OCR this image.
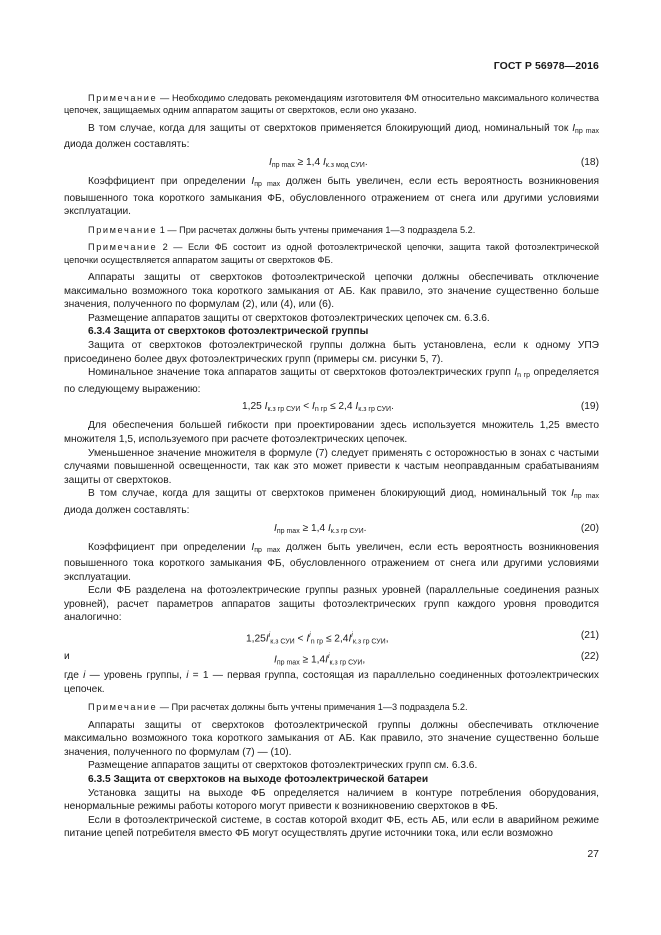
ГОСТ Р 56978—2016

Примечание — Необходимо следовать рекомендациям изготовителя ФМ относительно максимального количества цепочек, защищаемых одним аппаратом защиты от сверхтоков, если оно указано.

В том случае, когда для защиты от сверхтоков применяется блокирующий диод, номинальный ток $I_{пр max}$ диода должен составлять:

$I_{пр max} \ge 1,4$ $I_{к.з мод СУИ}$.	(18)

Коэффициент при определении $I_{пр max}$ должен быть увеличен, если есть вероятность возникновения повышенного тока короткого замыкания ФБ, обусловленного отражением от снега или другими условиями эксплуатации.

Примечание 1 — При расчетах должны быть учтены примечания 1—3 подраздела 5.2.

Примечание 2 — Если ФБ состоит из одной фотоэлектрической цепочки, защита такой фотоэлектрической цепочки осуществляется аппаратом защиты от сверхтоков ФБ.

Аппараты защиты от сверхтоков фотоэлектрической цепочки должны обеспечивать отключение максимально возможного тока короткого замыкания от АБ. Как правило, это значение существенно больше значения, полученного по формулам (2), или (4), или (6).

Размещение аппаратов защиты от сверхтоков фотоэлектрических цепочек см. 6.3.6.

6.3.4 Защита от сверхтоков фотоэлектрической группы

Защита от сверхтоков фотоэлектрической группы должна быть установлена, если к одному УПЭ присоединено более двух фотоэлектрических групп (примеры см. рисунки 5, 7).

Номинальное значение тока аппаратов защиты от сверхтоков фотоэлектрических групп $I_{n гр}$ определяется по следующему выражению:

1,25 $I_{к.з гр СУИ} < I_{n гр} \le 2,4$ $I_{к.з гр СУИ}$.	(19)

Для обеспечения большей гибкости при проектировании здесь используется множитель 1,25 вместо множителя 1,5, используемого при расчете фотоэлектрических цепочек.

Уменьшенное значение множителя в формуле (7) следует применять с осторожностью в зонах с частыми случаями повышенной освещенности, так как это может привести к частым неоправданным срабатываниям защиты от сверхтоков.

В том случае, когда для защиты от сверхтоков применен блокирующий диод, номинальный ток $I_{пр max}$ диода должен составлять:

$I_{пр max} \ge 1,4$ $I_{к.з гр СУИ}$.	(20)

Коэффициент при определении $I_{пр max}$ должен быть увеличен, если есть вероятность возникновения повышенного тока короткого замыкания ФБ, обусловленного отражением от снега или другими условиями эксплуатации.

Если ФБ разделена на фотоэлектрические группы разных уровней (параллельные соединения разных уровней), расчет параметров аппаратов защиты фотоэлектрических групп каждого уровня проводится аналогично:

$1,25I^i_{к.з СУИ} < I^i_{n гр} \le 2,4I^i_{к.з гр СУИ}$,	(21)
и	$I_{пр max} \ge 1,4I^i_{к.з гр СУИ}$,	(22)

где i — уровень группы, i = 1 — первая группа, состоящая из параллельно соединенных фотоэлектрических цепочек.

Примечание — При расчетах должны быть учтены примечания 1—3 подраздела 5.2.

Аппараты защиты от сверхтоков фотоэлектрической группы должны обеспечивать отключение максимально возможного тока короткого замыкания от АБ. Как правило, это значение существенно больше значения, полученного по формулам (7) — (10).

Размещение аппаратов защиты от сверхтоков фотоэлектрических групп см. 6.3.6.

6.3.5 Защита от сверхтоков на выходе фотоэлектрической батареи

Установка защиты на выходе ФБ определяется наличием в контуре потребления оборудования, ненормальные режимы работы которого могут привести к возникновению сверхтоков в ФБ.

Если в фотоэлектрической системе, в состав которой входит ФБ, есть АБ, или если в аварийном режиме питание цепей потребителя вместо ФБ могут осуществлять другие источники тока, или если возможно

27
